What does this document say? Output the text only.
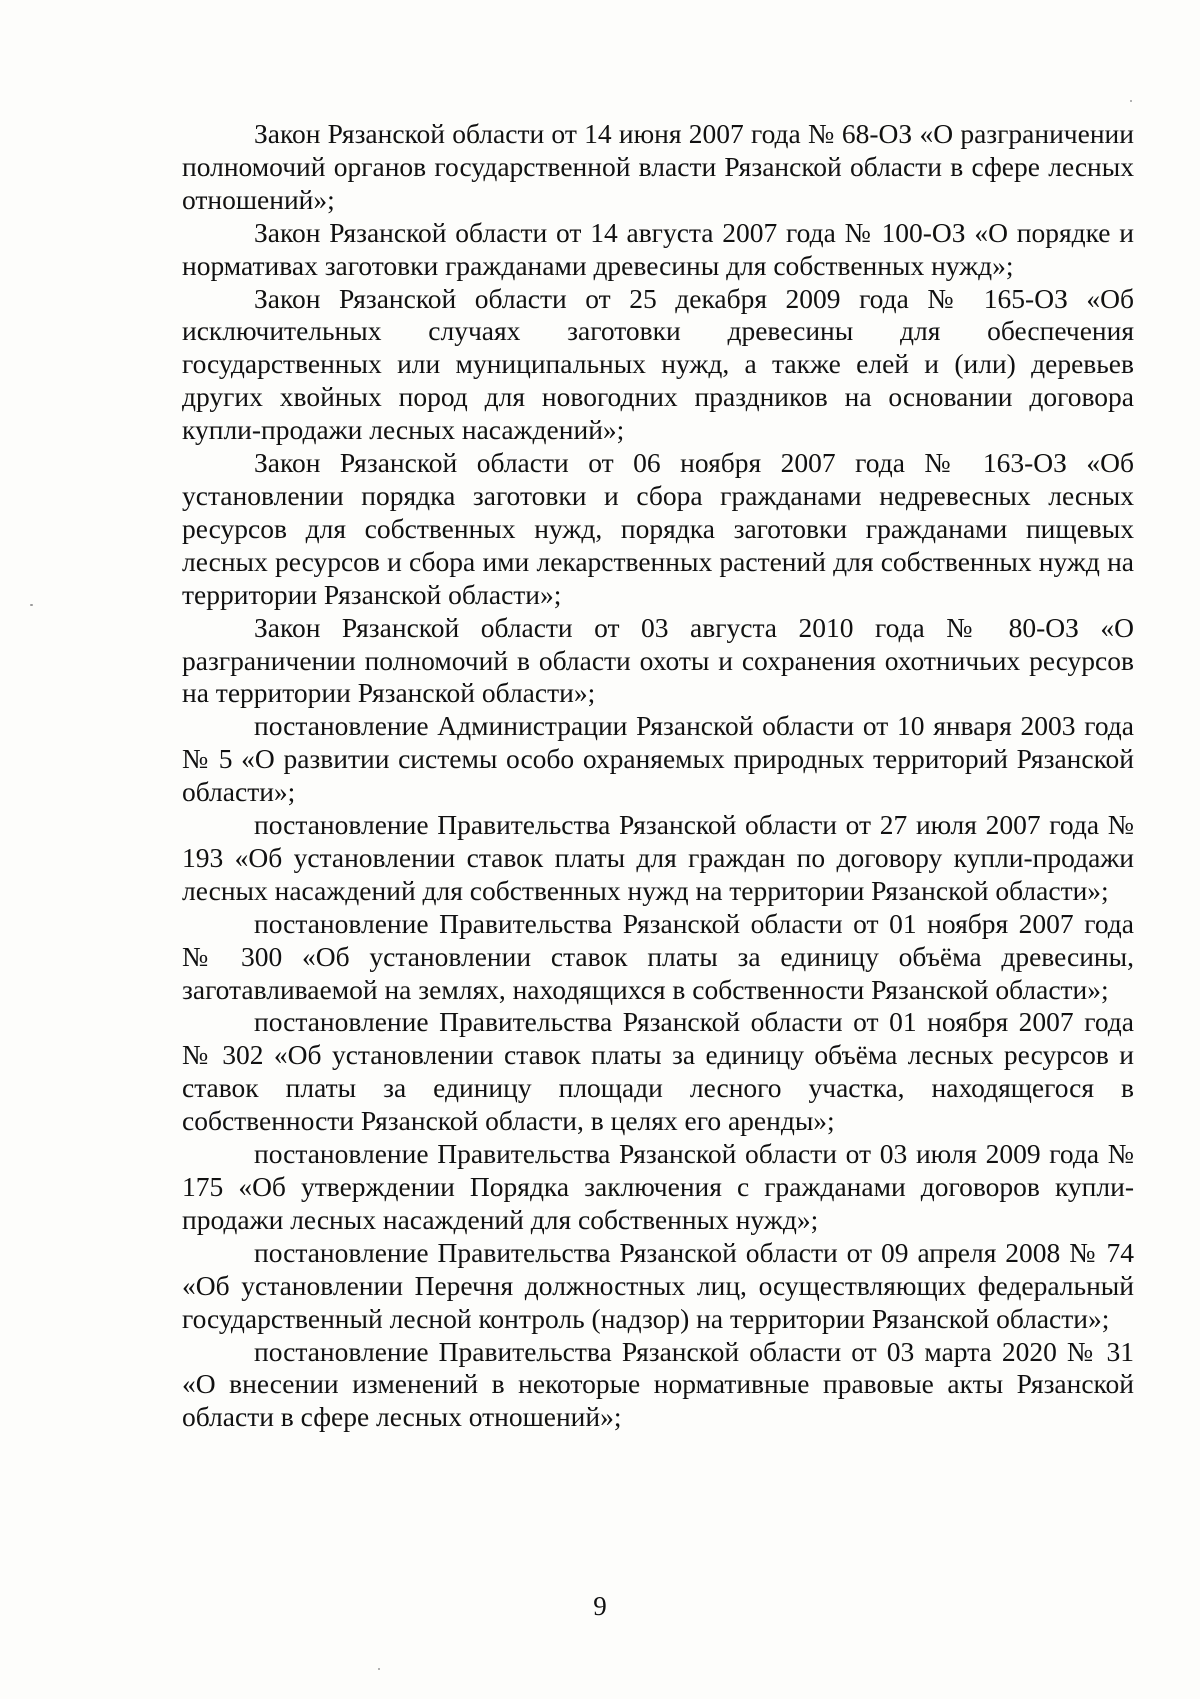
Закон Рязанской области от 14 июня 2007 года № 68-ОЗ «О разграничении полномочий органов государственной власти Рязанской области в сфере лесных отношений»;

Закон Рязанской области от 14 августа 2007 года № 100-ОЗ «О порядке и нормативах заготовки гражданами древесины для собственных нужд»;

Закон Рязанской области от 25 декабря 2009 года № 165-ОЗ «Об исключительных случаях заготовки древесины для обеспечения государственных или муниципальных нужд, а также елей и (или) деревьев других хвойных пород для новогодних праздников на основании договора купли-продажи лесных насаждений»;

Закон Рязанской области от 06 ноября 2007 года № 163-ОЗ «Об установлении порядка заготовки и сбора гражданами недревесных лесных ресурсов для собственных нужд, порядка заготовки гражданами пищевых лесных ресурсов и сбора ими лекарственных растений для собственных нужд на территории Рязанской области»;

Закон Рязанской области от 03 августа 2010 года № 80-ОЗ «О разграничении полномочий в области охоты и сохранения охотничьих ресурсов на территории Рязанской области»;

постановление Администрации Рязанской области от 10 января 2003 года № 5 «О развитии системы особо охраняемых природных территорий Рязанской области»;

постановление Правительства Рязанской области от 27 июля 2007 года № 193 «Об установлении ставок платы для граждан по договору купли-продажи лесных насаждений для собственных нужд на территории Рязанской области»;

постановление Правительства Рязанской области от 01 ноября 2007 года № 300 «Об установлении ставок платы за единицу объёма древесины, заготавливаемой на землях, находящихся в собственности Рязанской области»;

постановление Правительства Рязанской области от 01 ноября 2007 года № 302 «Об установлении ставок платы за единицу объёма лесных ресурсов и ставок платы за единицу площади лесного участка, находящегося в собственности Рязанской области, в целях его аренды»;

постановление Правительства Рязанской области от 03 июля 2009 года № 175 «Об утверждении Порядка заключения с гражданами договоров купли-продажи лесных насаждений для собственных нужд»;

постановление Правительства Рязанской области от 09 апреля 2008 № 74 «Об установлении Перечня должностных лиц, осуществляющих федеральный государственный лесной контроль (надзор) на территории Рязанской области»;

постановление Правительства Рязанской области от 03 марта 2020 № 31 «О внесении изменений в некоторые нормативные правовые акты Рязанской области в сфере лесных отношений»;

9
